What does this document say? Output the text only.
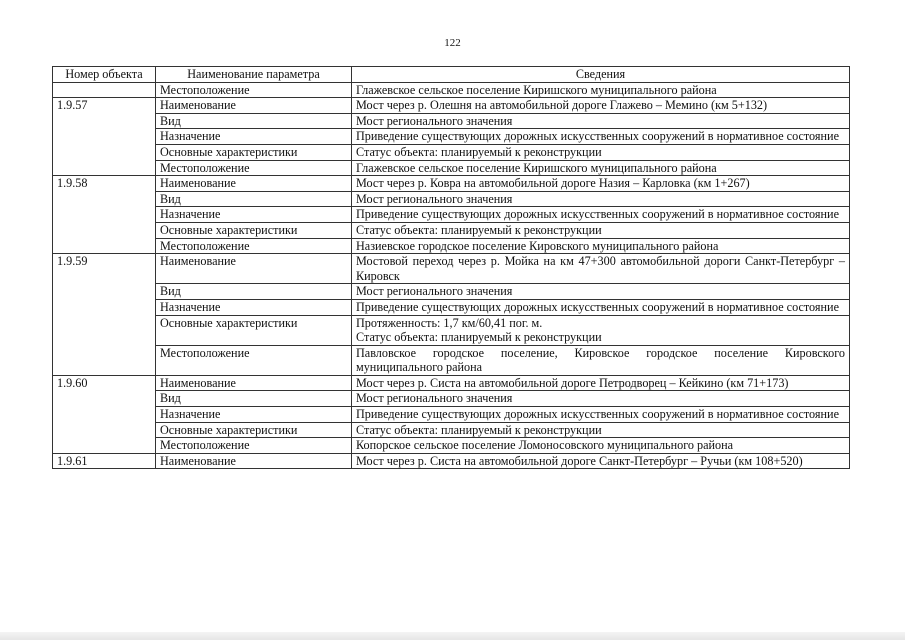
122
Номер объекта	Наименование параметра	Сведения
	Местоположение	Глажевское сельское поселение Киришского муниципального района
1.9.57	Наименование	Мост через р. Олешня на автомобильной дороге Глажево – Мемино (км 5+132)

	Вид	Мост регионального значения

	Назначение	Приведение существующих дорожных искусственных сооружений в нормативное состояние

	Основные характеристики	Статус объекта: планируемый к реконструкции

	Местоположение	Глажевское сельское поселение Киришского муниципального района

1.9.58	Наименование	Мост через р. Ковра на автомобильной дороге Назия – Карловка (км 1+267)

	Вид	Мост регионального значения

	Назначение	Приведение существующих дорожных искусственных сооружений в нормативное состояние

	Основные характеристики	Статус объекта: планируемый к реконструкции

	Местоположение	Назиевское городское поселение Кировского муниципального района

1.9.59	Наименование	Мостовой переход через р. Мойка на км 47+300 автомобильной дороги Санкт-Петербург – Кировск

	Вид	Мост регионального значения

	Назначение	Приведение существующих дорожных искусственных сооружений в нормативное состояние

	Основные характеристики	Протяженность: 1,7 км/60,41 пог. м.
Статус объекта: планируемый к реконструкции

	Местоположение	Павловское городское поселение, Кировское городское поселение Кировского муниципального района

1.9.60	Наименование	Мост через р. Систа на автомобильной дороге Петродворец – Кейкино (км 71+173)

	Вид	Мост регионального значения

	Назначение	Приведение существующих дорожных искусственных сооружений в нормативное состояние

	Основные характеристики	Статус объекта: планируемый к реконструкции

	Местоположение	Копорское сельское поселение Ломоносовского муниципального района

1.9.61	Наименование	Мост через р. Систа на автомобильной дороге Санкт-Петербург – Ручьи (км 108+520)
